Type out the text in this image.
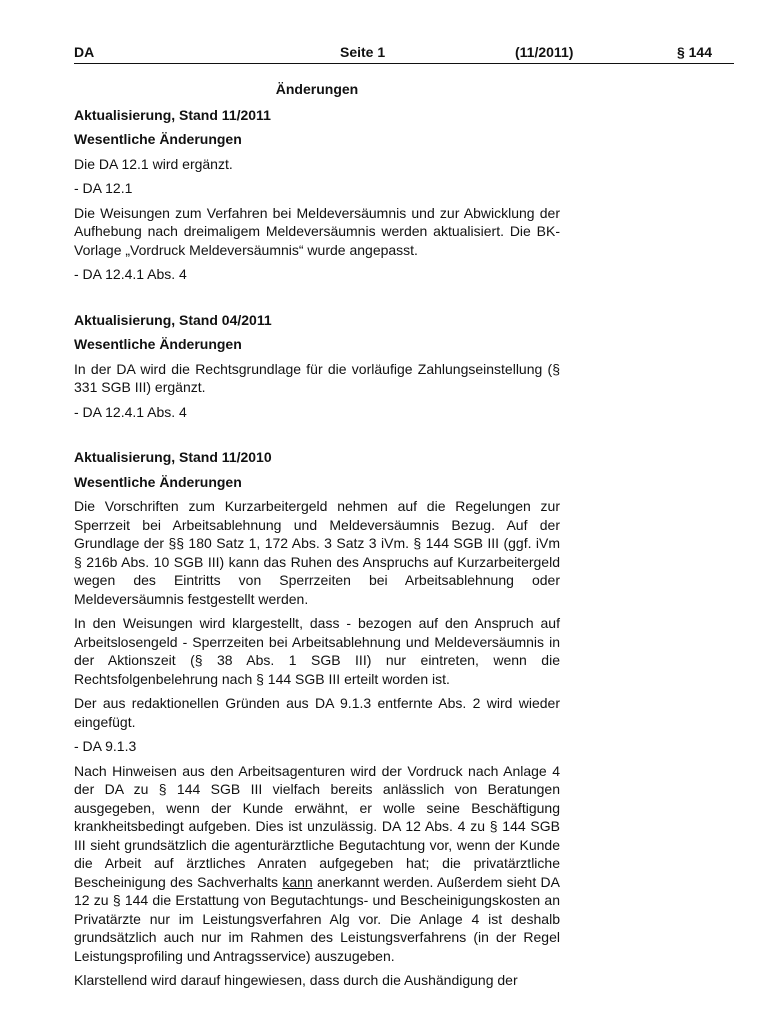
DA	Seite 1	(11/2011)	§ 144
Änderungen
Aktualisierung, Stand 11/2011
Wesentliche Änderungen
Die DA 12.1 wird ergänzt.
- DA 12.1
Die Weisungen zum Verfahren bei Meldeversäumnis und zur Abwicklung der Aufhebung nach dreimaligem Meldeversäumnis werden aktualisiert. Die BK-Vorlage „Vordruck Meldeversäumnis“ wurde angepasst.
- DA 12.4.1 Abs. 4
Aktualisierung, Stand 04/2011
Wesentliche Änderungen
In der DA wird die Rechtsgrundlage für die vorläufige Zahlungseinstellung (§ 331 SGB III) ergänzt.
- DA 12.4.1 Abs. 4
Aktualisierung, Stand 11/2010
Wesentliche Änderungen
Die Vorschriften zum Kurzarbeitergeld nehmen auf die Regelungen zur Sperrzeit bei Arbeitsablehnung und Meldeversäumnis Bezug. Auf der Grundlage der §§ 180 Satz 1, 172 Abs. 3 Satz 3 iVm. § 144 SGB III (ggf. iVm § 216b Abs. 10 SGB III) kann das Ruhen des Anspruchs auf Kurzarbeitergeld wegen des Eintritts von Sperrzeiten bei Arbeitsablehnung oder Meldeversäumnis festgestellt werden.
In den Weisungen wird klargestellt, dass - bezogen auf den Anspruch auf Arbeitslosengeld - Sperrzeiten bei Arbeitsablehnung und Meldeversäumnis in der Aktionszeit (§ 38 Abs. 1 SGB III) nur eintreten, wenn die Rechtsfolgenbelehrung nach § 144 SGB III erteilt worden ist.
Der aus redaktionellen Gründen aus DA 9.1.3 entfernte Abs. 2 wird wieder eingefügt.
- DA 9.1.3
Nach Hinweisen aus den Arbeitsagenturen wird der Vordruck nach Anlage 4 der DA zu § 144 SGB III vielfach bereits anlässlich von Beratungen ausgegeben, wenn der Kunde erwähnt, er wolle seine Beschäftigung krankheitsbedingt aufgeben. Dies ist unzulässig. DA 12 Abs. 4 zu § 144 SGB III sieht grundsätzlich die agenturärztliche Begutachtung vor, wenn der Kunde die Arbeit auf ärztliches Anraten aufgegeben hat; die privatärztliche Bescheinigung des Sachverhalts kann anerkannt werden. Außerdem sieht DA 12 zu § 144 die Erstattung von Begutachtungs- und Bescheinigungskosten an Privatärzte nur im Leistungsverfahren Alg vor. Die Anlage 4 ist deshalb grundsätzlich auch nur im Rahmen des Leistungsverfahrens (in der Regel Leistungsprofiling und Antragsservice) auszugeben.
Klarstellend wird darauf hingewiesen, dass durch die Aushändigung der
